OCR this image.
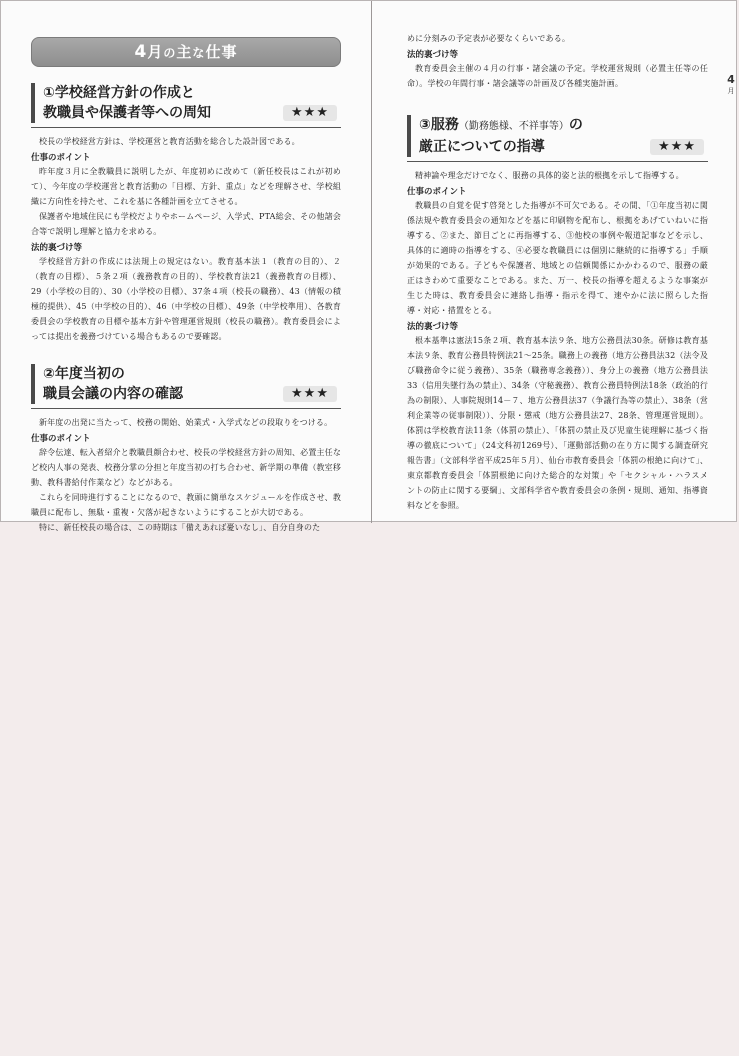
4月の主な仕事
①学校経営方針の作成と
教職員や保護者等への周知	★★★

校長の学校経営方針は、学校運営と教育活動を総合した設計図である。

仕事のポイント

昨年度３月に全教職員に説明したが、年度初めに改めて（新任校長はこれが初めて）、今年度の学校運営と教育活動の「目標、方針、重点」などを理解させ、学校組織に方向性を持たせ、これを基に各種計画を立てさせる。

保護者や地域住民にも学校だよりやホームページ、入学式、PTA総会、その他諸会合等で説明し理解と協力を求める。

法的裏づけ等

学校経営方針の作成には法規上の規定はない。教育基本法１（教育の目的）、２（教育の目標）、５条２項（義務教育の目的）、学校教育法21（義務教育の目標）、29（小学校の目的）、30（小学校の目標）、37条４項（校長の職務）、43（情報の積極的提供）、45（中学校の目的）、46（中学校の目標）、49条（中学校準用）、各教育委員会の学校教育の目標や基本方針や管理運営規則（校長の職務）。教育委員会によっては提出を義務づけている場合もあるので要確認。

②年度当初の
職員会議の内容の確認	★★★

新年度の出発に当たって、校務の開始、始業式・入学式などの段取りをつける。

仕事のポイント

辞令伝達、転入者紹介と教職員顔合わせ、校長の学校経営方針の周知、必置主任など校内人事の発表、校務分掌の分担と年度当初の打ち合わせ、新学期の準備（教室移動、教科書給付作業など）などがある。

これらを同時進行することになるので、教頭に簡単なスケジュールを作成させ、教職員に配布し、無駄・重複・欠落が起きないようにすることが大切である。

特に、新任校長の場合は、この時期は「備えあれば憂いなし」、自分自身のた

めに分刻みの予定表が必要なくらいである。

法的裏づけ等

教育委員会主催の４月の行事・諸会議の予定。学校運営規則（必置主任等の任命）。学校の年間行事・諸会議等の計画及び各種実施計画。

③服務（勤務態様、不祥事等）の
厳正についての指導	★★★

精神論や理念だけでなく、服務の具体的姿と法的根拠を示して指導する。

仕事のポイント

教職員の自覚を促す啓発とした指導が不可欠である。その間、「①年度当初に関係法規や教育委員会の通知などを基に印刷物を配布し、根拠をあげていねいに指導する、②また、節目ごとに再指導する、③他校の事例や報道記事などを示し、具体的に適時の指導をする、④必要な教職員には個別に継続的に指導する」手順が効果的である。子どもや保護者、地域との信頼関係にかかわるので、服務の厳正はきわめて重要なことである。また、万一、校長の指導を超えるような事案が生じた時は、教育委員会に連絡し指導・指示を得て、速やかに法に照らした指導・対応・措置をとる。

法的裏づけ等

根本基準は憲法15条２項、教育基本法９条、地方公務員法30条。研修は教育基本法９条、教育公務員特例法21～25条。職務上の義務（地方公務員法32（法令及び職務命令に従う義務）、35条（職務専念義務））、身分上の義務（地方公務員法33（信用失墜行為の禁止）、34条（守秘義務）、教育公務員特例法18条（政治的行為の制限）、人事院規則14－７、地方公務員法37（争議行為等の禁止）、38条（営利企業等の従事制限））、分限・懲戒（地方公務員法27、28条、管理運営規則）。体罰は学校教育法11条（体罰の禁止）、「体罰の禁止及び児童生徒理解に基づく指導の徹底について」（24文科初1269号）、「運動部活動の在り方に関する調査研究報告書」（文部科学省平成25年５月）、仙台市教育委員会「体罰の根絶に向けて」、東京都教育委員会「体罰根絶に向けた総合的な対策」や「セクシャル・ハラスメントの防止に関する要綱」、文部科学省や教育委員会の条例・規則、通知、指導資料などを参照。

4
月
